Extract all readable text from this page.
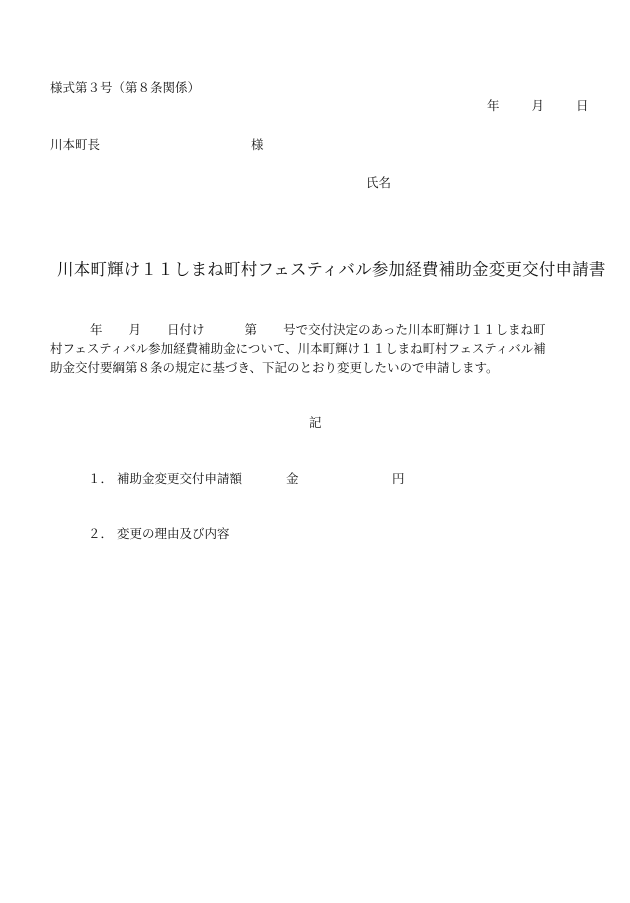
様式第３号（第８条関係）
年	月	日
川本町長	様
氏名
川本町輝け１１しまね町村フェスティバル参加経費補助金変更交付申請書
年 月 日付け	第 号で交付決定のあった川本町輝け１１しまね町
村フェスティバル参加経費補助金について、川本町輝け１１しまね町村フェスティバル補
助金交付要綱第８条の規定に基づき、下記のとおり変更したいので申請します。
記
１． 補助金変更交付申請額	金	円
２． 変更の理由及び内容
